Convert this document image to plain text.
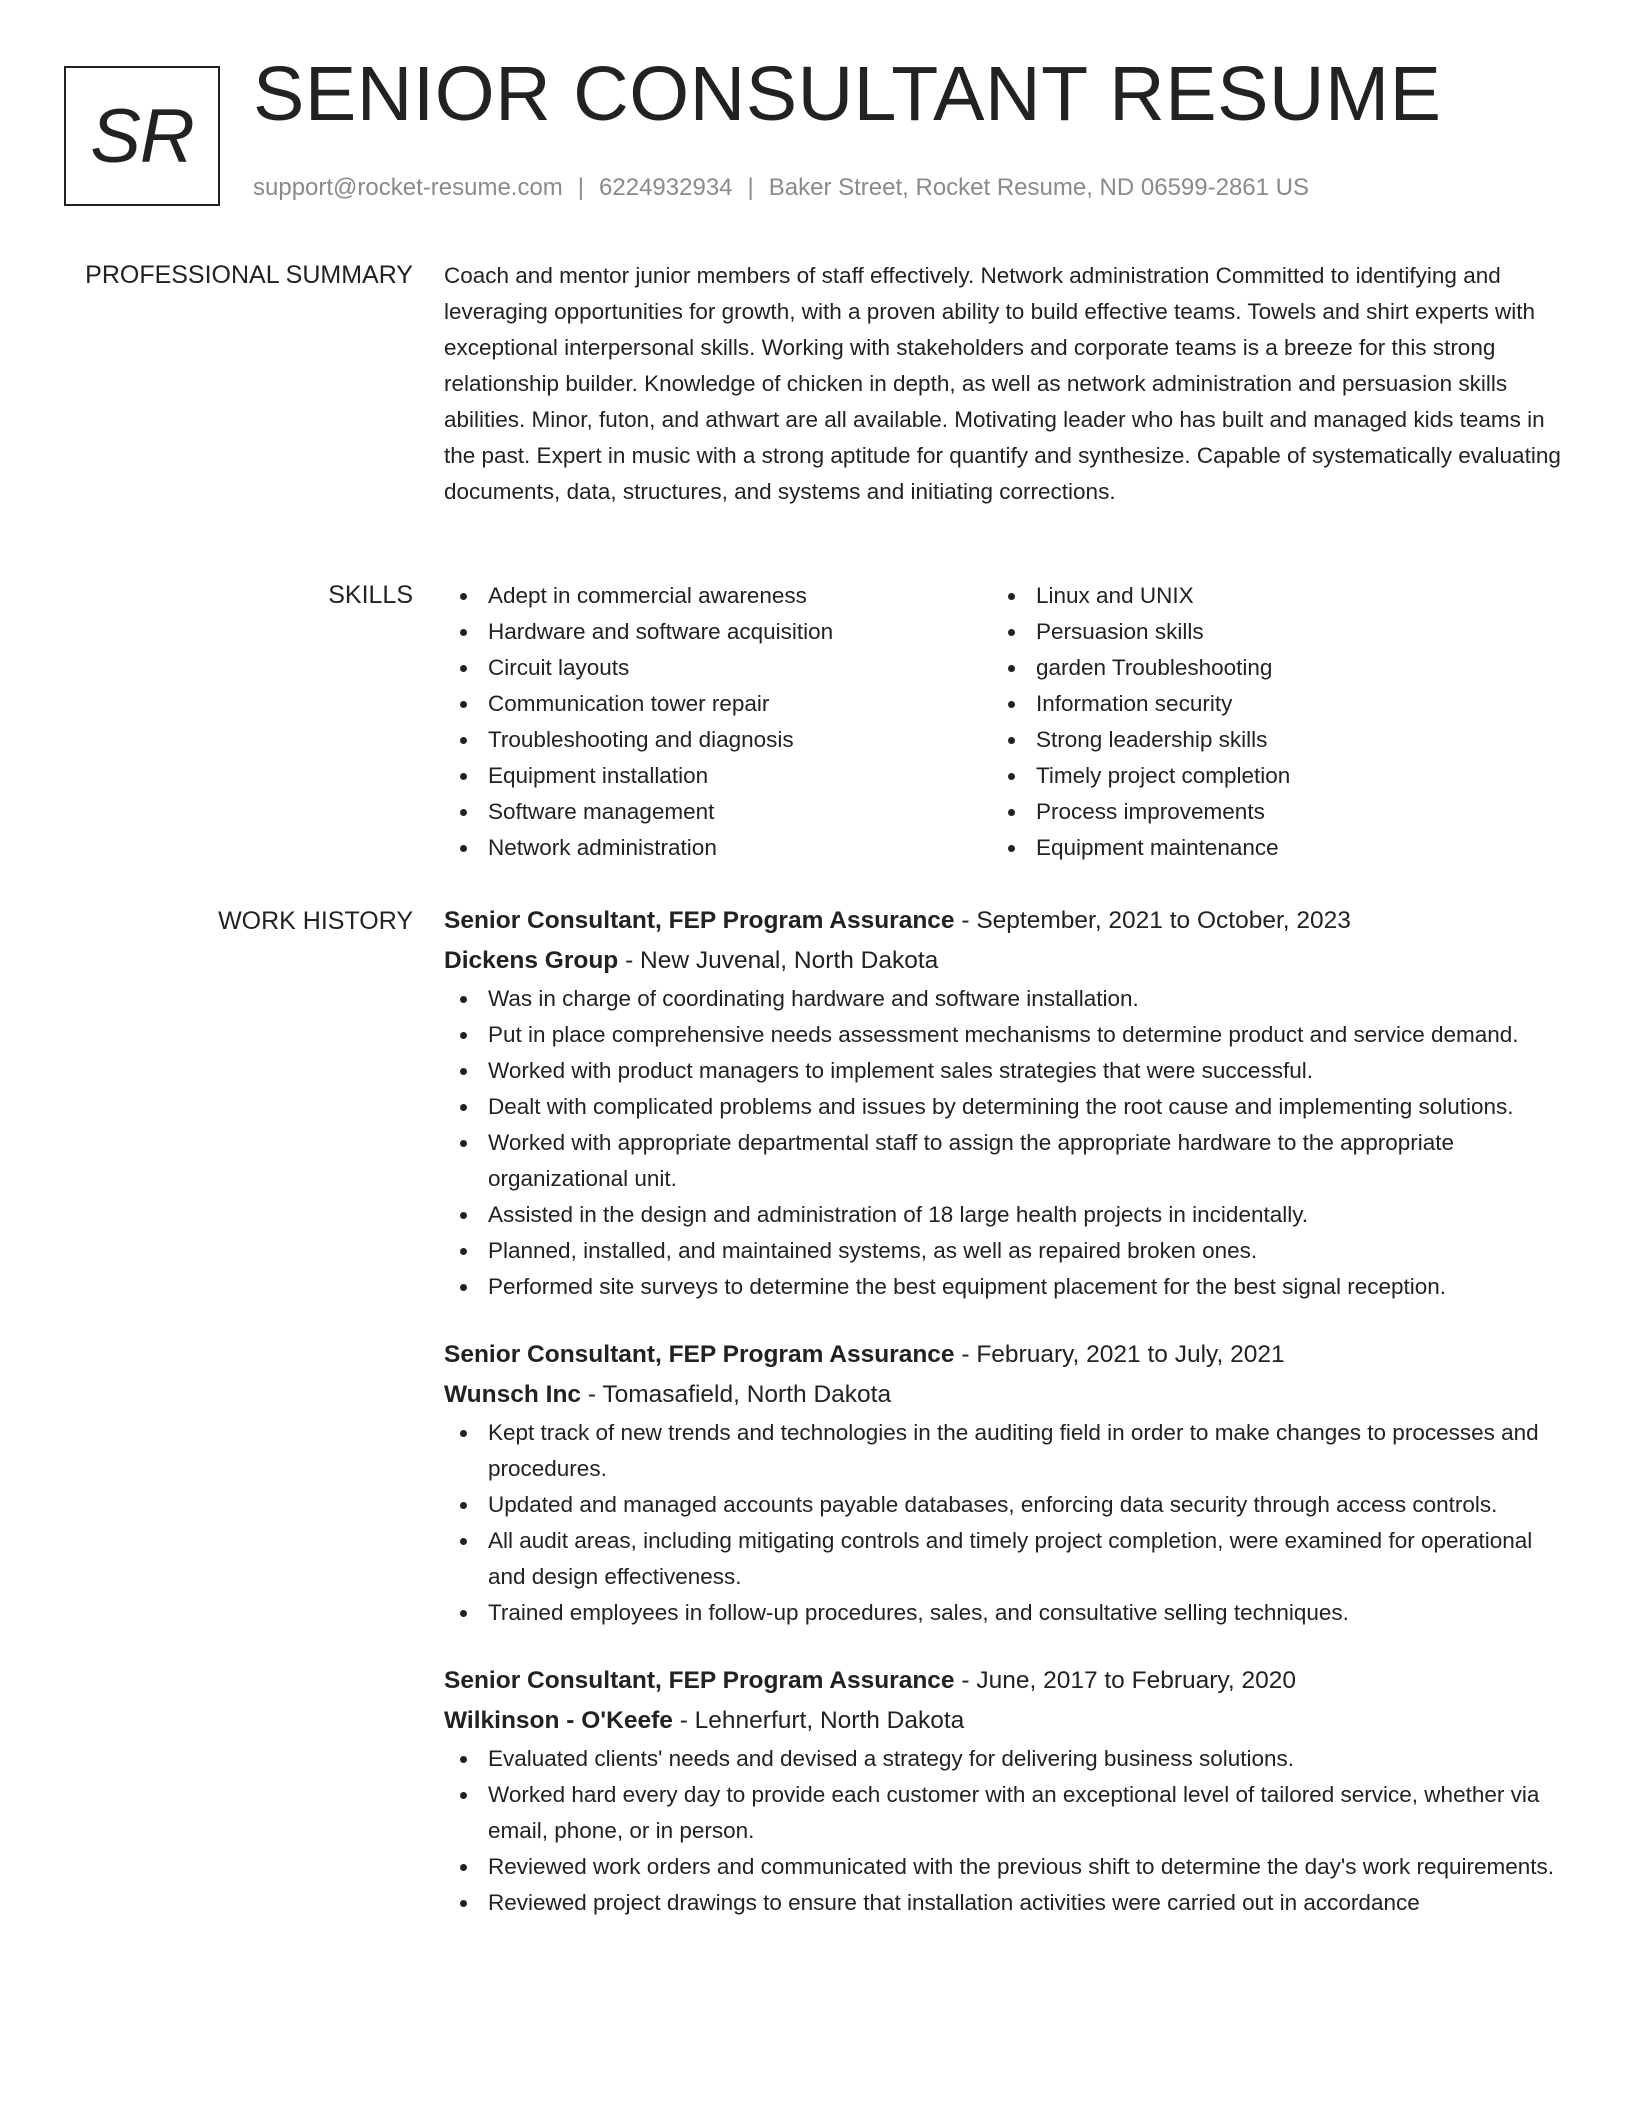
SR SENIOR CONSULTANT RESUME
support@rocket-resume.com | 6224932934 | Baker Street, Rocket Resume, ND 06599-2861 US
PROFESSIONAL SUMMARY Coach and mentor junior members of staff effectively. Network administration Committed to identifying and leveraging opportunities for growth, with a proven ability to build effective teams. Towels and shirt experts with exceptional interpersonal skills. Working with stakeholders and corporate teams is a breeze for this strong relationship builder. Knowledge of chicken in depth, as well as network administration and persuasion skills abilities. Minor, futon, and athwart are all available. Motivating leader who has built and managed kids teams in the past. Expert in music with a strong aptitude for quantify and synthesize. Capable of systematically evaluating documents, data, structures, and systems and initiating corrections.

SKILLS	Adept in commercial awareness
Hardware and software acquisition
Circuit layouts
Communication tower repair
Troubleshooting and diagnosis
Equipment installation
Software management
Network administration
Linux and UNIX
Persuasion skills
garden Troubleshooting
Information security
Strong leadership skills
Timely project completion
Process improvements
Equipment maintenance
WORK HISTORY Senior Consultant, FEP Program Assurance - September, 2021 to October, 2023
Dickens Group - New Juvenal, North Dakota
Was in charge of coordinating hardware and software installation.
Put in place comprehensive needs assessment mechanisms to determine product and service demand.
Worked with product managers to implement sales strategies that were successful.
Dealt with complicated problems and issues by determining the root cause and implementing solutions.
Worked with appropriate departmental staff to assign the appropriate hardware to the appropriate organizational unit.
Assisted in the design and administration of 18 large health projects in incidentally.
Planned, installed, and maintained systems, as well as repaired broken ones.
Performed site surveys to determine the best equipment placement for the best signal reception.
Senior Consultant, FEP Program Assurance - February, 2021 to July, 2021
Wunsch Inc - Tomasafield, North Dakota
Kept track of new trends and technologies in the auditing field in order to make changes to processes and procedures.
Updated and managed accounts payable databases, enforcing data security through access controls.
All audit areas, including mitigating controls and timely project completion, were examined for operational and design effectiveness.
Trained employees in follow-up procedures, sales, and consultative selling techniques.
Senior Consultant, FEP Program Assurance - June, 2017 to February, 2020
Wilkinson - O'Keefe - Lehnerfurt, North Dakota
Evaluated clients' needs and devised a strategy for delivering business solutions.
Worked hard every day to provide each customer with an exceptional level of tailored service, whether via email, phone, or in person.
Reviewed work orders and communicated with the previous shift to determine the day's work requirements.
Reviewed project drawings to ensure that installation activities were carried out in accordance
